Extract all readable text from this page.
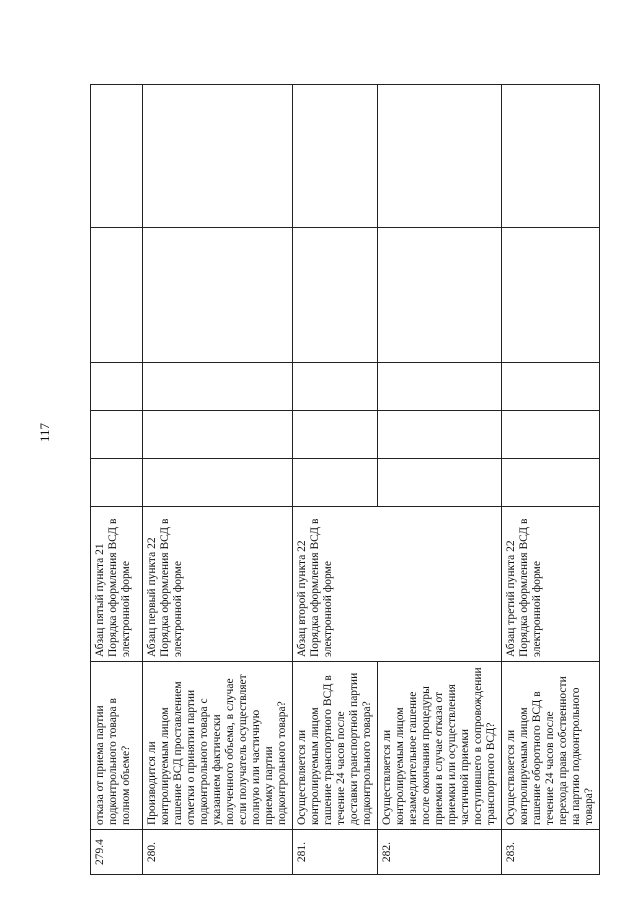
117
279.4	отказа от приема партии подконтрольного товара в полном объеме?	Абзац пятый пункта 21 Порядка оформления ВСД в электронной форме					
280.	Производится ли контролируемым лицом гашение ВСД проставлением отметки о принятии партии подконтрольного товара с указанием фактически полученного объема, в случае если получатель осуществляет полную или частичную приемку партии подконтрольного товара?	Абзац первый пункта 22 Порядка оформления ВСД в электронной форме					
281.	Осуществляется ли контролируемым лицом гашение транспортного ВСД в течение 24 часов после доставки транспортной партии подконтрольного товара?	Абзац второй пункта 22 Порядка оформления ВСД в электронной форме					
282.	Осуществляется ли контролируемым лицом незамедлительное гашение после окончания процедуры приемки в случае отказа от приемки или осуществления частичной приемки поступившего в сопровождении транспортного ВСД?						
283.	Осуществляется ли контролируемым лицом гашение оборотного ВСД в течение 24 часов после перехода права собственности на партию подконтрольного товара?	Абзац третий пункта 22 Порядка оформления ВСД в электронной форме					
